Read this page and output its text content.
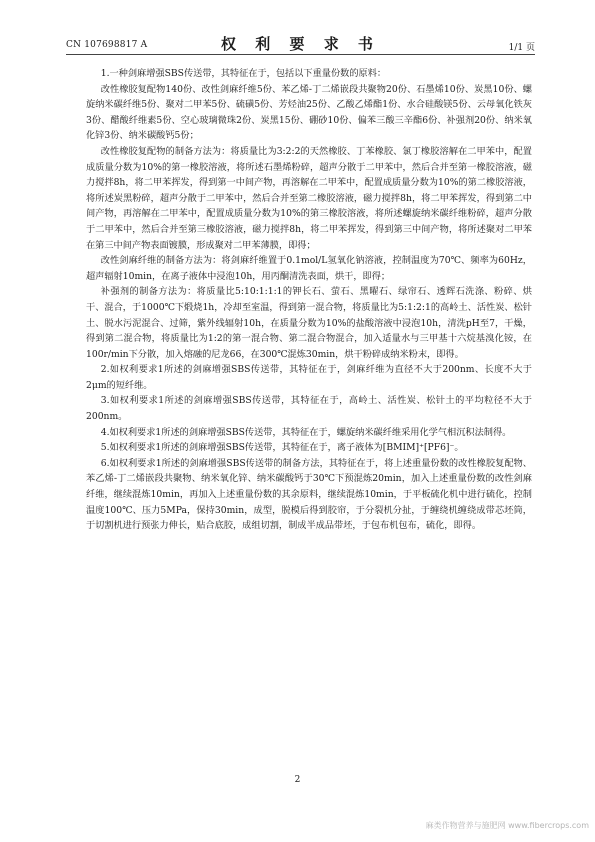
CN 107698817 A	权 利 要 求 书	1/1 页

1.一种剑麻增强SBS传送带，其特征在于，包括以下重量份数的原料：

改性橡胶复配物140份、改性剑麻纤维5份、苯乙烯-丁二烯嵌段共聚物20份、石墨烯10份、炭黑10份、螺旋纳米碳纤维5份、聚对二甲苯5份、硫磺5份、芳烃油25份、乙酸乙烯酯1份、水合硅酸镁5份、云母氧化铁灰3份、醋酸纤维素5份、空心玻璃微珠2份、炭黑15份、硼砂10份、偏苯三酸三辛酯6份、补强剂20份、纳米氧化锌3份、纳米碳酸钙5份；

改性橡胶复配物的制备方法为：将质量比为3:2:2的天然橡胶、丁苯橡胶、氯丁橡胶溶解在二甲苯中，配置成质量分数为10%的第一橡胶溶液，将所述石墨烯粉碎，超声分散于二甲苯中，然后合并至第一橡胶溶液，磁力搅拌8h，将二甲苯挥发，得到第一中间产物，再溶解在二甲苯中，配置成质量分数为10%的第二橡胶溶液，将所述炭黑粉碎，超声分散于二甲苯中，然后合并至第二橡胶溶液，磁力搅拌8h，将二甲苯挥发，得到第二中间产物，再溶解在二甲苯中，配置成质量分数为10%的第三橡胶溶液，将所述螺旋纳米碳纤维粉碎，超声分散于二甲苯中，然后合并至第三橡胶溶液，磁力搅拌8h，将二甲苯挥发，得到第三中间产物，将所述聚对二甲苯在第三中间产物表面镀膜，形成聚对二甲苯薄膜，即得；

改性剑麻纤维的制备方法为：将剑麻纤维置于0.1mol/L氢氧化钠溶液，控制温度为70℃、频率为60Hz，超声辐射10min，在离子液体中浸泡10h，用丙酮清洗表面，烘干，即得；

补强剂的制备方法为：将质量比5:10:1:1:1的钾长石、萤石、黑曜石、绿帘石、透辉石洗涤、粉碎、烘干、混合，于1000℃下煅烧1h，冷却至室温，得到第一混合物，将质量比为5:1:2:1的高岭土、活性炭、松针土、脱水污泥混合、过筛，紫外线辐射10h，在质量分数为10%的盐酸溶液中浸泡10h，清洗pH至7，干燥，得到第二混合物，将质量比为1:2的第一混合物、第二混合物混合，加入适量水与三甲基十六烷基溴化铵，在100r/min下分散，加入熔融的尼龙66，在300℃混炼30min，烘干粉碎成纳米粉末，即得。

2.如权利要求1所述的剑麻增强SBS传送带，其特征在于，剑麻纤维为直径不大于200nm、长度不大于2μm的短纤维。

3.如权利要求1所述的剑麻增强SBS传送带，其特征在于，高岭土、活性炭、松针土的平均粒径不大于200nm。

4.如权利要求1所述的剑麻增强SBS传送带，其特征在于，螺旋纳米碳纤维采用化学气相沉积法制得。

5.如权利要求1所述的剑麻增强SBS传送带，其特征在于，离子液体为[BMIM]⁺[PF6]⁻。

6.如权利要求1所述的剑麻增强SBS传送带的制备方法，其特征在于，将上述重量份数的改性橡胶复配物、苯乙烯-丁二烯嵌段共聚物、纳米氧化锌、纳米碳酸钙于30℃下预混炼20min，加入上述重量份数的改性剑麻纤维，继续混炼10min，再加入上述重量份数的其余原料，继续混炼10min，于平板硫化机中进行硫化，控制温度100℃、压力5MPa，保持30min，成型，脱模后得到胶帘，于分裂机分扯，于缠绕机缠绕成带芯坯筒，于切割机进行预张力伸长，贴合底胶，成组切割，制成半成品带坯，于包布机包布，硫化，即得。

2
麻类作物营养与施肥网 www.fibercrops.com
